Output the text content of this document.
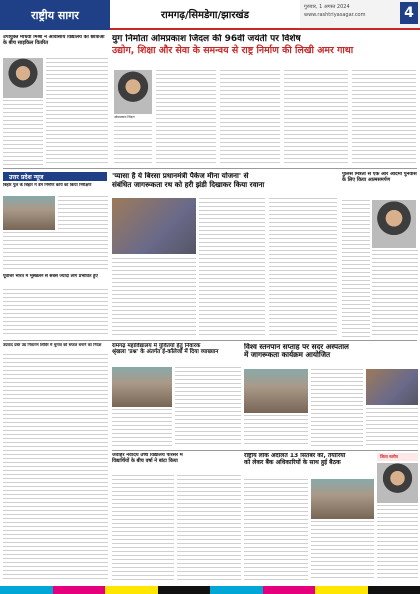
राष्ट्रीय सागर	रामगढ़/सिमडेगा/झारखंड
गुरुवार, 1 अगस्त 2024
www.rashtriyasagar.com	4
युग निर्माता ओमप्रकाश जिंदल की 96वीं जयंती पर विशेष
उद्योग, शिक्षा और सेवा के समन्वय से राष्ट्र निर्माण की लिखी अमर गाथा
उपायुक्त माधवी मिश्रा ने आवासीय विद्यालय की छात्राओं के बीच साइकिल वितरित
ओमप्रकाश जिंदल
उत्तर प्रदेश न्यूज
बिहार पुल के बिहार में डैम निर्माण कार्य का किया निरीक्षण
पूर्वोत्तर भारत में भूस्खलन से सबसे ज्यादा लोग प्रभावित हुए
'प्यासा है ये बिरसा प्रधानमंत्री पैकेज मीना योजना' से
संबंधित जागरूकता रथ को हरी झंडी दिखाकर किया रवाना
पुलिस मित्रता से एक और आदमी पुनर्वास के लिए किया आत्मसमर्पण
उग्रवाद ग्रस्त उग्र निवारण शिविर में चुनाव को सफल बनाने का निर्देश	रामगढ़ महाविद्यालय में युवितयों हेतु निवारक
श्रृंखला 'प्रश्न' के अंतर्गत ई-कॉलेजों में दिया व्याख्यान
विश्व स्तनपान सप्ताह पर सदर अस्पताल
में जागरूकता कार्यक्रम आयोजित
जवाहर नवोदय उच्च विद्यालय परिसर में
विद्यार्थियों के बीच वर्षा ने बांटा किया
राष्ट्रीय लोक अदालत 13 सितंबर को, तैयारियों
को लेकर बैंक अधिकारियों के साथ हुई बैठक
जिला स्तरीय
